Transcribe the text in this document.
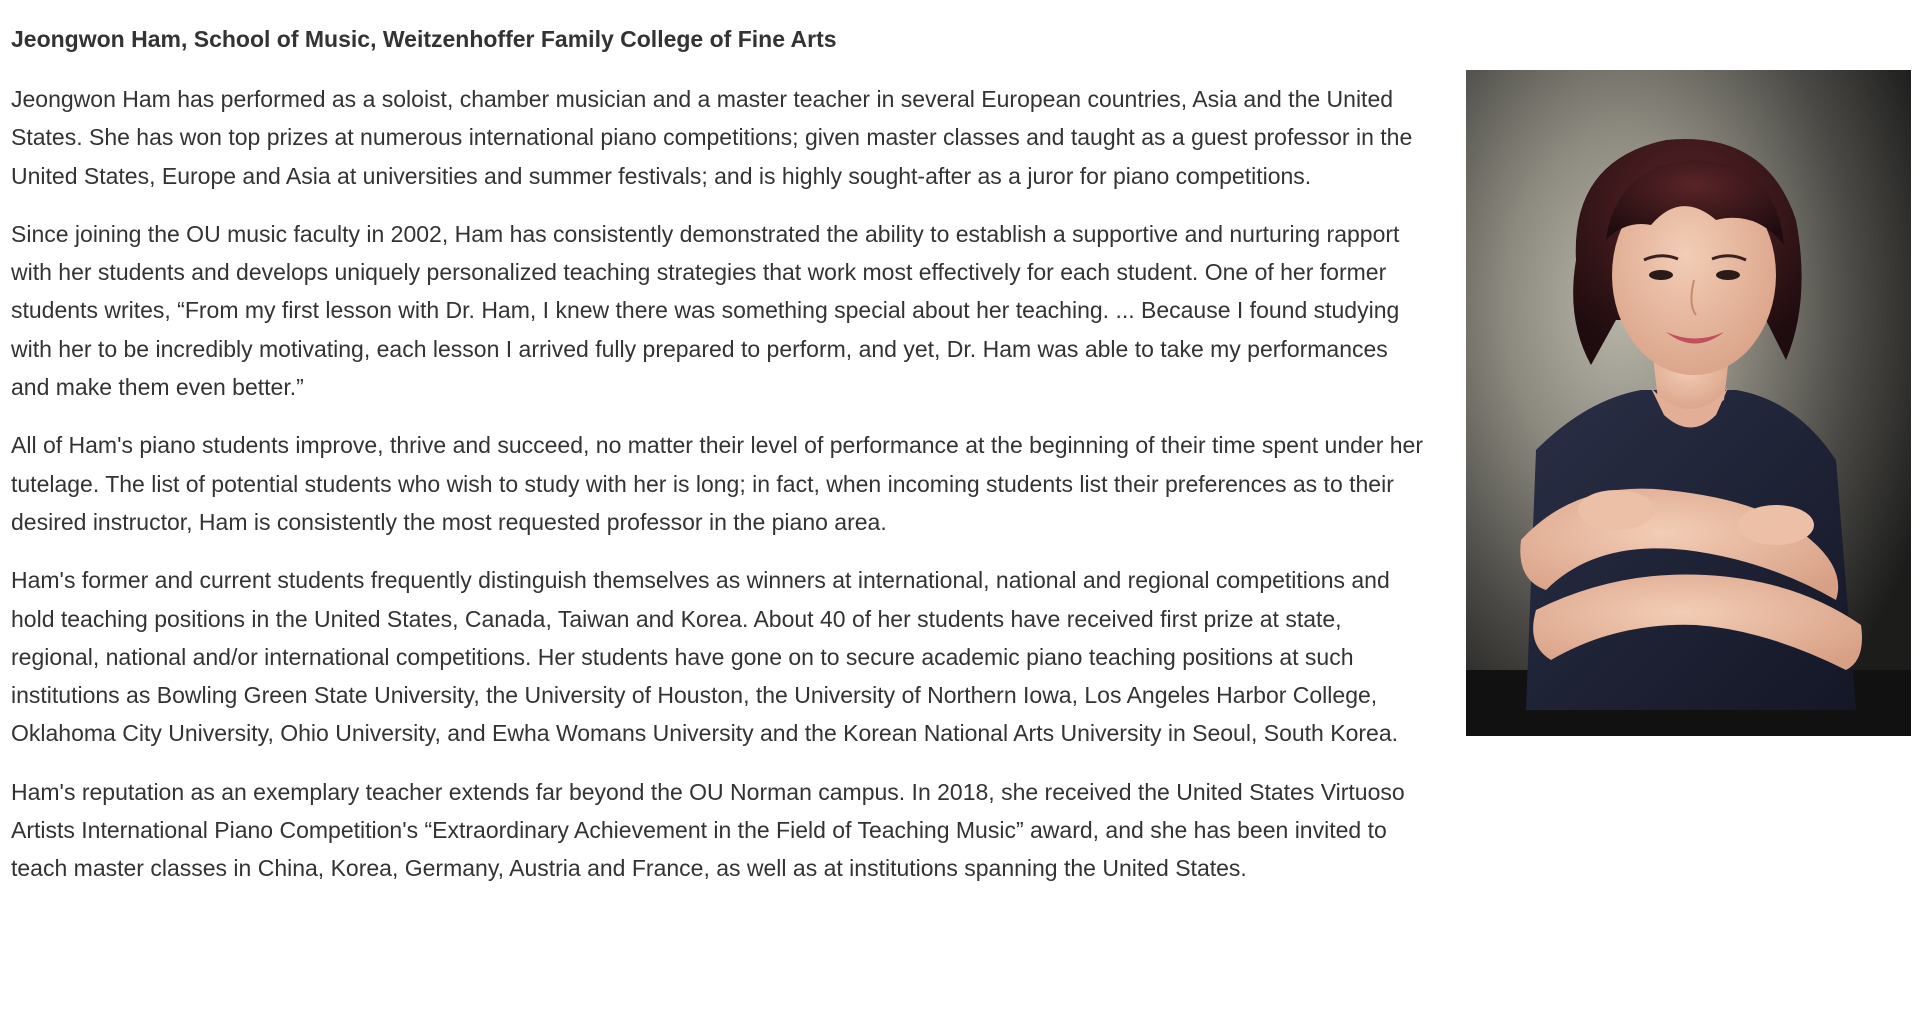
Jeongwon Ham, School of Music, Weitzenhoffer Family College of Fine Arts

Jeongwon Ham has performed as a soloist, chamber musician and a master teacher in several European countries, Asia and the United States. She has won top prizes at numerous international piano competitions; given master classes and taught as a guest professor in the United States, Europe and Asia at universities and summer festivals; and is highly sought-after as a juror for piano competitions.

Since joining the OU music faculty in 2002, Ham has consistently demonstrated the ability to establish a supportive and nurturing rapport with her students and develops uniquely personalized teaching strategies that work most effectively for each student. One of her former students writes, “From my first lesson with Dr. Ham, I knew there was something special about her teaching. ... Because I found studying with her to be incredibly motivating, each lesson I arrived fully prepared to perform, and yet, Dr. Ham was able to take my performances and make them even better.”

All of Ham's piano students improve, thrive and succeed, no matter their level of performance at the beginning of their time spent under her tutelage. The list of potential students who wish to study with her is long; in fact, when incoming students list their preferences as to their desired instructor, Ham is consistently the most requested professor in the piano area.

Ham's former and current students frequently distinguish themselves as winners at international, national and regional competitions and hold teaching positions in the United States, Canada, Taiwan and Korea. About 40 of her students have received first prize at state, regional, national and/or international competitions. Her students have gone on to secure academic piano teaching positions at such institutions as Bowling Green State University, the University of Houston, the University of Northern Iowa, Los Angeles Harbor College, Oklahoma City University, Ohio University, and Ewha Womans University and the Korean National Arts University in Seoul, South Korea.

Ham's reputation as an exemplary teacher extends far beyond the OU Norman campus. In 2018, she received the United States Virtuoso Artists International Piano Competition's “Extraordinary Achievement in the Field of Teaching Music” award, and she has been invited to teach master classes in China, Korea, Germany, Austria and France, as well as at institutions spanning the United States.
